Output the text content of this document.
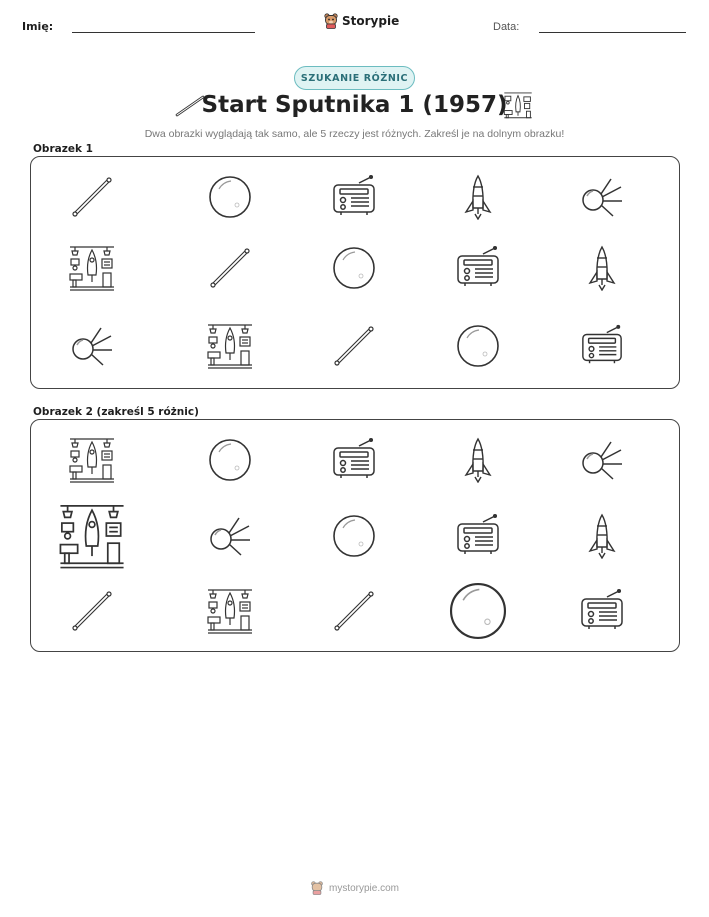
Imię:	Storypie	Data:
SZUKANIE RÓŻNIC
Start Sputnika 1 (1957)
Dwa obrazki wyglądają tak samo, ale 5 rzeczy jest różnych. Zakreśl je na dolnym obrazku!
Obrazek 1
Obrazek 2 (zakreśl 5 różnic)
mystorypie.com
